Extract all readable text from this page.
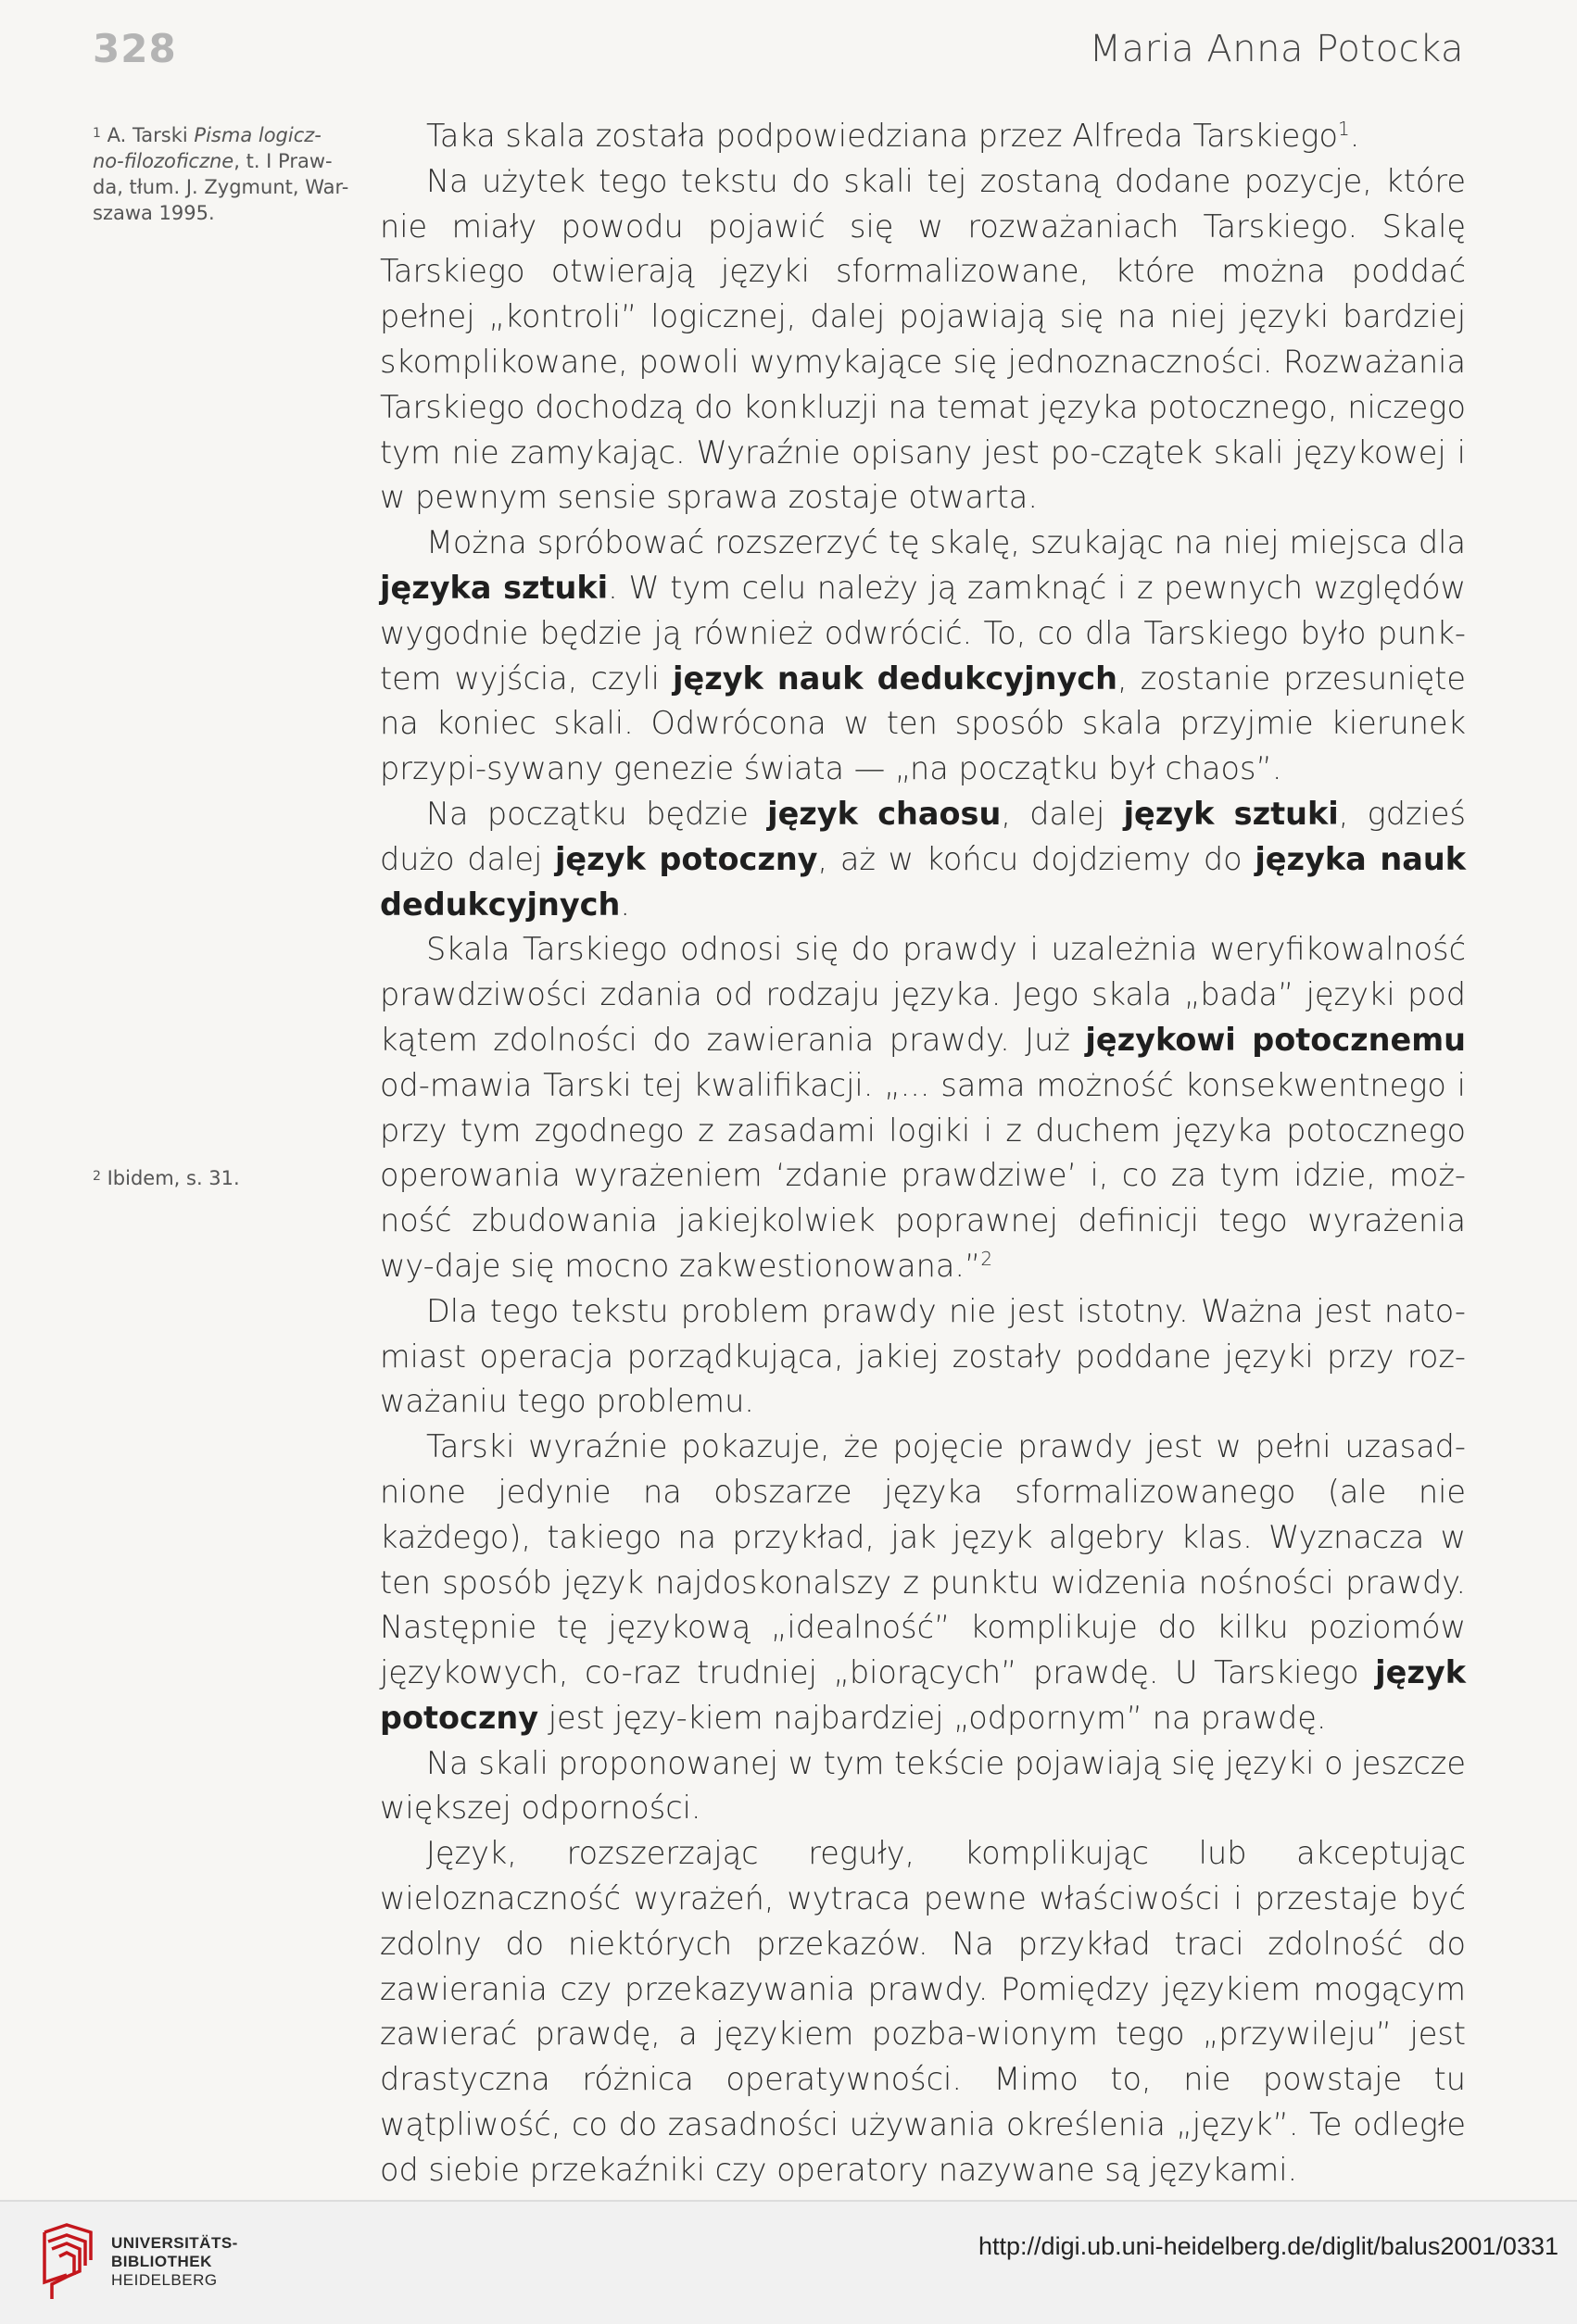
328	Maria Anna Potocka
$^1$ A. Tarski Pisma logicz-no-filozoficzne, t. I Praw-da, tłum. J. Zygmunt, War-szawa 1995.
$^2$ Ibidem, s. 31.

Taka skala została podpowiedziana przez Alfreda Tarskiego$^1$.

Na użytek tego tekstu do skali tej zostaną dodane pozycje, które nie miały powodu pojawić się w rozważaniach Tarskiego. Skalę Tarskiego otwierają języki sformalizowane, które można poddać pełnej „kontroli” logicznej, dalej pojawiają się na niej języki bardziej skomplikowane, powoli wymykające się jednoznaczności. Rozważania Tarskiego dochodzą do konkluzji na temat języka potocznego, niczego tym nie zamykając. Wyraźnie opisany jest po-czątek skali językowej i w pewnym sensie sprawa zostaje otwarta.

Można spróbować rozszerzyć tę skalę, szukając na niej miejsca dla języka sztuki. W tym celu należy ją zamknąć i z pewnych względów wygodnie będzie ją również odwrócić. To, co dla Tarskiego było punk-tem wyjścia, czyli język nauk dedukcyjnych, zostanie przesunięte na koniec skali. Odwrócona w ten sposób skala przyjmie kierunek przypi-sywany genezie świata — „na początku był chaos”.

Na początku będzie język chaosu, dalej język sztuki, gdzieś dużo dalej język potoczny, aż w końcu dojdziemy do języka nauk dedukcyjnych.

Skala Tarskiego odnosi się do prawdy i uzależnia weryfikowalność prawdziwości zdania od rodzaju języka. Jego skala „bada” języki pod kątem zdolności do zawierania prawdy. Już językowi potocznemu od-mawia Tarski tej kwalifikacji. „... sama możność konsekwentnego i przy tym zgodnego z zasadami logiki i z duchem języka potocznego operowania wyrażeniem ‘zdanie prawdziwe’ i, co za tym idzie, moż-ność zbudowania jakiejkolwiek poprawnej definicji tego wyrażenia wy-daje się mocno zakwestionowana.”$^2$

Dla tego tekstu problem prawdy nie jest istotny. Ważna jest nato-miast operacja porządkująca, jakiej zostały poddane języki przy roz-ważaniu tego problemu.

Tarski wyraźnie pokazuje, że pojęcie prawdy jest w pełni uzasad-nione jedynie na obszarze języka sformalizowanego (ale nie każdego), takiego na przykład, jak język algebry klas. Wyznacza w ten sposób język najdoskonalszy z punktu widzenia nośności prawdy. Następnie tę językową „idealność” komplikuje do kilku poziomów językowych, co-raz trudniej „biorących” prawdę. U Tarskiego język potoczny jest języ-kiem najbardziej „odpornym” na prawdę.

Na skali proponowanej w tym tekście pojawiają się języki o jeszcze większej odporności.

Język, rozszerzając reguły, komplikując lub akceptując wieloznaczność wyrażeń, wytraca pewne właściwości i przestaje być zdolny do niektórych przekazów. Na przykład traci zdolność do zawierania czy przekazywania prawdy. Pomiędzy językiem mogącym zawierać prawdę, a językiem pozba-wionym tego „przywileju” jest drastyczna różnica operatywności. Mimo to, nie powstaje tu wątpliwość, co do zasadności używania określenia „język”. Te odległe od siebie przekaźniki czy operatory nazywane są językami.

UNIVERSITÄTS-
BIBLIOTHEK
HEIDELBERG
http://digi.ub.uni-heidelberg.de/diglit/balus2001/0331
